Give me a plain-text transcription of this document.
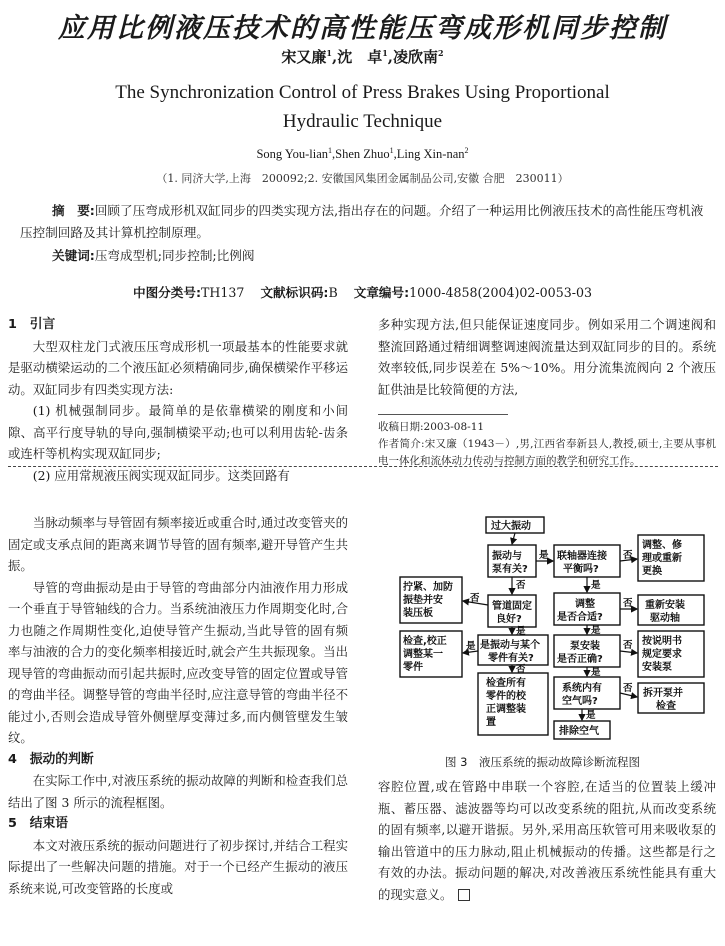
应用比例液压技术的高性能压弯成形机同步控制
宋又廉$^1$,沈　卓$^1$,凌欣南$^2$
The Synchronization Control of Press Brakes Using Proportional
Hydraulic Technique
Song You-lian$^1$,Shen Zhuo$^1$,Ling Xin-nan$^2$
（1. 同济大学,上海　200092;2. 安徽国风集团金属制品公司,安徽 合肥　230011）
摘　要:回顾了压弯成形机双缸同步的四类实现方法,指出存在的问题。介绍了一种运用比例液压技术的高性能压弯机液压控制回路及其计算机控制原理。
关键词:压弯成型机;同步控制;比例阀
中图分类号:TH137 文献标识码:B 文章编号:1000-4858(2004)02-0053-03

1　引言

大型双柱龙门式液压压弯成形机一项最基本的性能要求就是驱动横梁运动的二个液压缸必须精确同步,确保横梁作平移运动。双缸同步有四类实现方法:

(1) 机械强制同步。最简单的是依靠横梁的刚度和小间隙、高平行度导轨的导向,强制横梁平动;也可以利用齿轮-齿条或连杆等机构实现双缸同步;

(2) 应用常规液压阀实现双缸同步。这类回路有

多种实现方法,但只能保证速度同步。例如采用二个调速阀和整流回路通过精细调整调速阀流量达到双缸同步的目的。系统效率较低,同步误差在 5%～10%。用分流集流阀向 2 个液压缸供油是比较简便的方法,

收稿日期:2003-08-11
作者简介:宋又廉（1943－）,男,江西省奉新县人,教授,硕士,主要从事机电一体化和流体动力传动与控制方面的教学和研究工作。

当脉动频率与导管固有频率接近或重合时,通过改变管夹的固定或支承点间的距离来调节导管的固有频率,避开导管产生共振。

导管的弯曲振动是由于导管的弯曲部分内油液作用力形成一个垂直于导管轴线的合力。当系统油液压力作周期变化时,合力也随之作周期性变化,迫使导管产生振动,当此导管的固有频率与油液的合力的变化频率相接近时,就会产生共振现象。当出现导管的弯曲振动而引起共振时,应改变导管的固定位置或导管的弯曲半径。调整导管的弯曲半径时,应注意导管的弯曲半径不能过小,否则会造成导管外侧壁厚变薄过多,而内侧管壁发生皱纹。

4　振动的判断

在实际工作中,对液压系统的振动故障的判断和检查我们总结出了图 3 所示的流程框图。

5　结束语

本文对液压系统的振动问题进行了初步探讨,并结合工程实际提出了一些解决问题的措施。对于一个已经产生振动的液压系统来说,可改变管路的长度或

过大振动
振动与
泵有关?
联轴器连接
平衡吗?
调整、修
理或重新
更换
管道固定
良好?
拧紧、加防
振垫并安
装压板
调整
是否合适?
重新安装
驱动轴
是振动与某个
零件有关?
检查,校正
调整某一
零件
泵安装
是否正确?
按说明书
规定要求
安装泵
检查所有
零件的校
正调整装
置
系统内有
空气吗?
拆开泵并
检查
排除空气
是	否
否	是
否	否
是	是
是	否
否	是
否
是
图 3　液压系统的振动故障诊断流程图

容腔位置,或在管路中串联一个容腔,在适当的位置装上缓冲瓶、蓄压器、滤波器等均可以改变系统的阻抗,从而改变系统的固有频率,以避开谐振。另外,采用高压软管可用来吸收泵的输出管道中的压力脉动,阻止机械振动的传播。这些都是行之有效的办法。振动问题的解决,对改善液压系统性能具有重大的现实意义。
